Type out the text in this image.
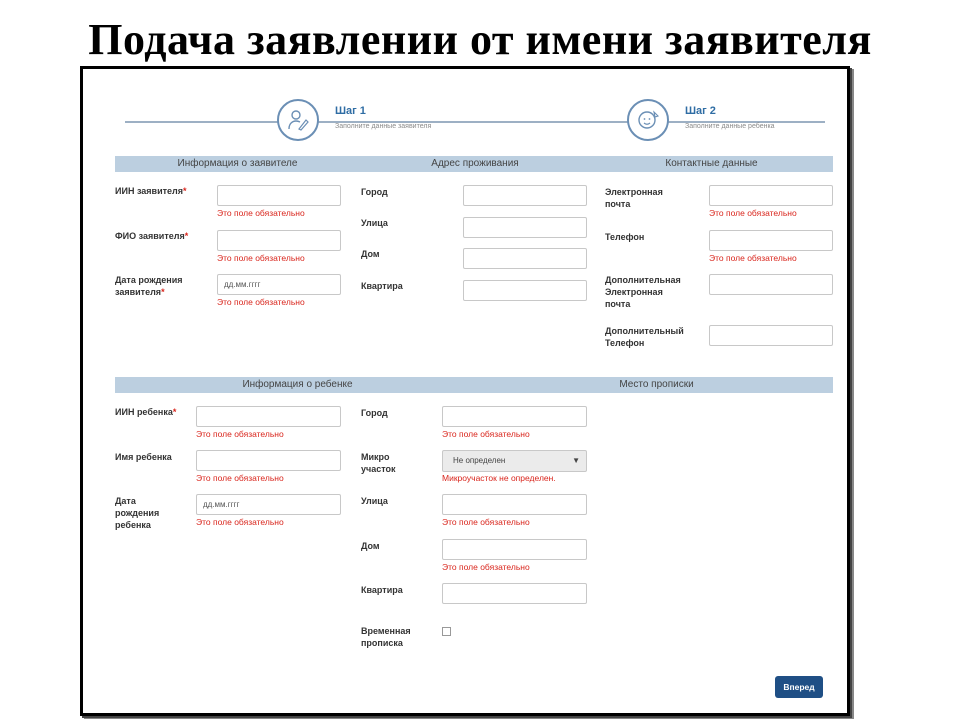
Подача заявлении от имени заявителя
Шаг 1
Заполните данные заявителя
Шаг 2
Заполните данные ребенка
Информация о заявителе	Адрес проживания	Контактные данные
ИИН заявителя*
Это поле обязательно
ФИО заявителя*
Это поле обязательно
Дата рождения
заявителя*
дд.мм.гггг
Это поле обязательно
Город
Улица
Дом
Квартира
Электронная
почта
Это поле обязательно
Телефон
Это поле обязательно
Дополнительная
Электронная
почта
Дополнительный
Телефон
Информация о ребенке	Место прописки
ИИН ребенка*
Это поле обязательно
Имя ребенка
Это поле обязательно
Дата
рождения
ребенка
дд.мм.гггг
Это поле обязательно
Город
Это поле обязательно
Микро
участок
Не определен	▼
Микроучасток не определен.
Улица
Это поле обязательно
Дом
Это поле обязательно
Квартира
Временная
прописка
Вперед
